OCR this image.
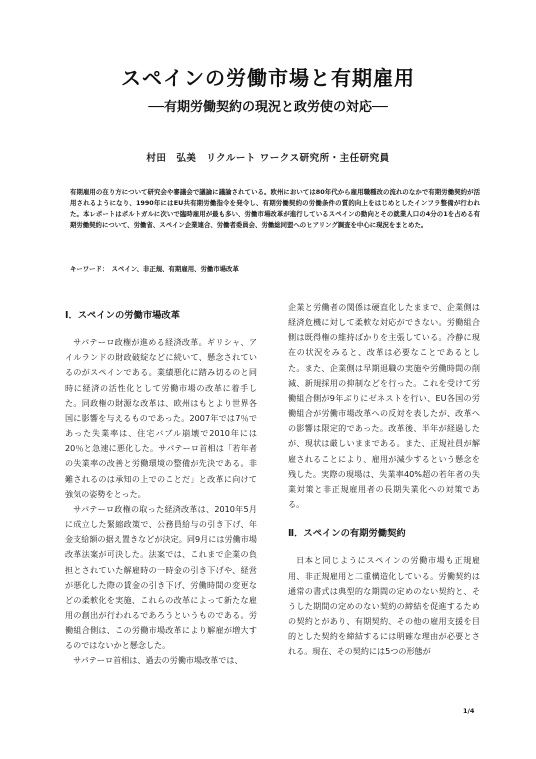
スペインの労働市場と有期雇用
──有期労働契約の現況と政労使の対応──
村田　弘美　リクルート ワークス研究所・主任研究員
有期雇用の在り方について研究会や審議会で議論に議論されている。欧州においては80年代から雇用職種改の流れのなかで有期労働契約が活用されるようになり、1990年にはEU共有期労働指令を発令し、有期労働契約の労働条件の質的向上をはじめとしたインフラ整備が行われた。本レポートはポルトガルに次いで臨時雇用が最も多い、労働市場改革が進行しているスペインの動向とその就業人口の4分の1を占める有期労働契約について、労働省、スペイン企業連合、労働者委員会、労働総同盟へのヒアリング調査を中心に現況をまとめた。
キーワード：　スペイン、非正規、有期雇用、労働市場改革
Ⅰ．スペインの労働市場改革

サパテーロ政権が進める経済改革。ギリシャ、アイルランドの財政破綻などに続いて、懸念されているのがスペインである。業績悪化に踏み切るのと同時に経済の活性化として労働市場の改革に着手した。同政権の財源な改革は、欧州はもとより世界各国に影響を与えるものであった。2007年では7％であった失業率は、住宅バブル崩壊で2010年には20％と急速に悪化した。サパテーロ首相は「若年者の失業率の改善と労働環境の整備が先決である。非難されるのは承知の上でのことだ」と改革に向けて強気の姿勢をとった。

サパテーロ政権の取った経済改革は、2010年5月に成立した緊縮政策で、公務員給与の引き下げ、年金支給額の据え置きなどが決定。同9月には労働市場改革法案が可決した。法案では、これまで企業の負担とされていた解雇時の一時金の引き下げや、経営が悪化した際の賃金の引き下げ、労働時間の変更などの柔軟化を実施、これらの改革によって新たな雇用の創出が行われるであろうというものである。労働組合側は、この労働市場改革により解雇が増大するのではないかと懸念した。

サパテーロ首相は、過去の労働市場改革では、

企業と労働者の関係は硬直化したままで、企業側は経済危機に対して柔軟な対応ができない。労働組合側は既得権の維持ばかりを主張している。冷静に現在の状況をみると、改革は必要なことであるとした。また、企業側は早期退職の実施や労働時間の削減、新規採用の抑制などを行った。これを受けて労働組合側が9年ぶりにゼネストを行い、EU各国の労働組合が労働市場改革への反対を表したが、改革への影響は限定的であった。改革後、半年が経過したが、現状は厳しいままである。また、正規社員が解雇されることにより、雇用が減少するという懸念を残した。実際の現場は、失業率40%超の若年者の失業対策と非正規雇用者の長期失業化への対策である。

Ⅱ．スペインの有期労働契約

日本と同じようにスペインの労働市場も正規雇用、非正規雇用と二重構造化している。労働契約は通常の書式は典型的な期間の定めのない契約と、そうした期間の定めのない契約の締結を促進するための契約とがあり、有期契約、その他の雇用支援を目的とした契約を締結するには明確な理由が必要とされる。現在、その契約には5つの形態が

1/4
